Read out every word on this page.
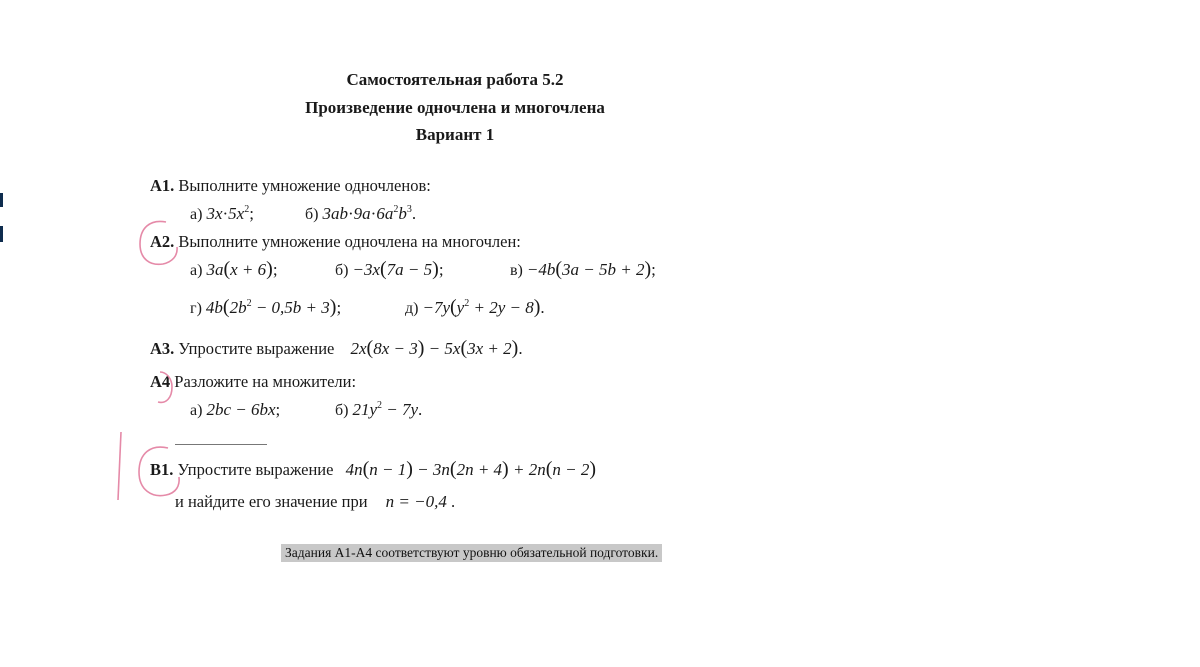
Самостоятельная работа 5.2
Произведение одночлена и многочлена
Вариант 1
А1. Выполните умножение одночленов:
а) $3x\cdot 5x^2$;	б) $3ab\cdot 9a\cdot 6a^2b^3$.
А2. Выполните умножение одночлена на многочлен:
а) 3a(x + 6);	б) −3x(7a − 5);	в) −4b(3a − 5b + 2);
г) $4b(2b^2 - 0,5b + 3)$;	$д) -7y(y^2 + 2y - 8)$.
А3. Упростите выражение 2x(8x − 3) − 5x(3x + 2).
А4 Разложите на множители:
а) 2bc − 6bx;	б) $21y^2 - 7y$.
В1. Упростите выражение 4n(n − 1) − 3n(2n + 4) + 2n(n − 2)
и найдите его значение при n = −0,4 .
Задания А1-А4 соответствуют уровню обязательной подготовки.
